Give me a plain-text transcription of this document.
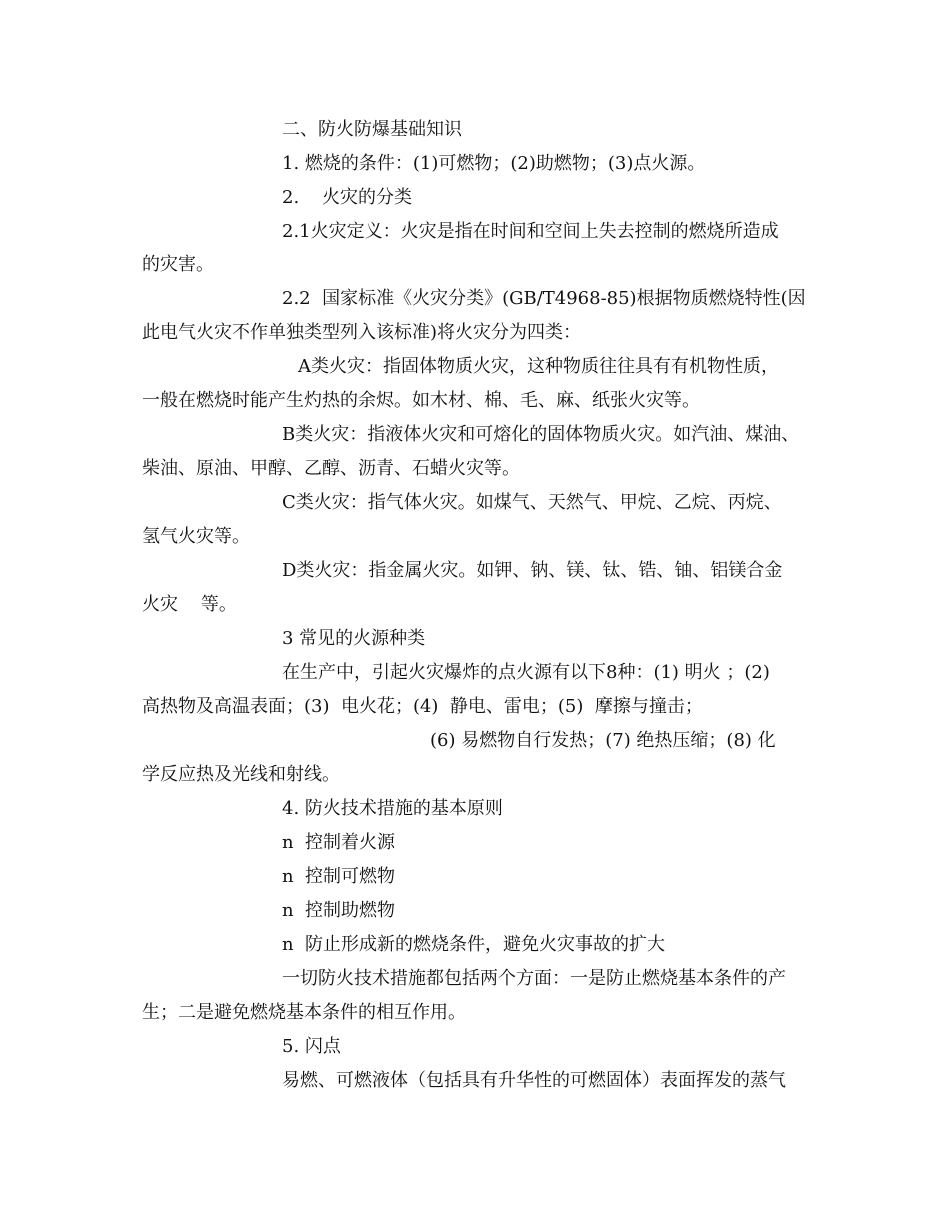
二、防火防爆基础知识
1. 燃烧的条件：(1)可燃物；(2)助燃物；(3)点火源。
2.    火灾的分类
2.1火灾定义：火灾是指在时间和空间上失去控制的燃烧所造成
的灾害。
2.2  国家标准《火灾分类》(GB/T4968-85)根据物质燃烧特性(因
此电气火灾不作单独类型列入该标准)将火灾分为四类：
A类火灾：指固体物质火灾，这种物质往往具有有机物性质，
一般在燃烧时能产生灼热的余烬。如木材、棉、毛、麻、纸张火灾等。
B类火灾：指液体火灾和可熔化的固体物质火灾。如汽油、煤油、
柴油、原油、甲醇、乙醇、沥青、石蜡火灾等。
C类火灾：指气体火灾。如煤气、天然气、甲烷、乙烷、丙烷、
氢气火灾等。
D类火灾：指金属火灾。如钾、钠、镁、钛、锆、铀、铝镁合金
火灾    等。
3 常见的火源种类
在生产中，引起火灾爆炸的点火源有以下8种：(1) 明火 ；(2)
高热物及高温表面；(3)  电火花；(4)  静电、雷电；(5)  摩擦与撞击；
(6) 易燃物自行发热；(7) 绝热压缩；(8) 化
学反应热及光线和射线。
4. 防火技术措施的基本原则
n  控制着火源
n  控制可燃物
n  控制助燃物
n  防止形成新的燃烧条件，避免火灾事故的扩大
一切防火技术措施都包括两个方面：一是防止燃烧基本条件的产
生；二是避免燃烧基本条件的相互作用。
5. 闪点
易燃、可燃液体（包括具有升华性的可燃固体）表面挥发的蒸气
